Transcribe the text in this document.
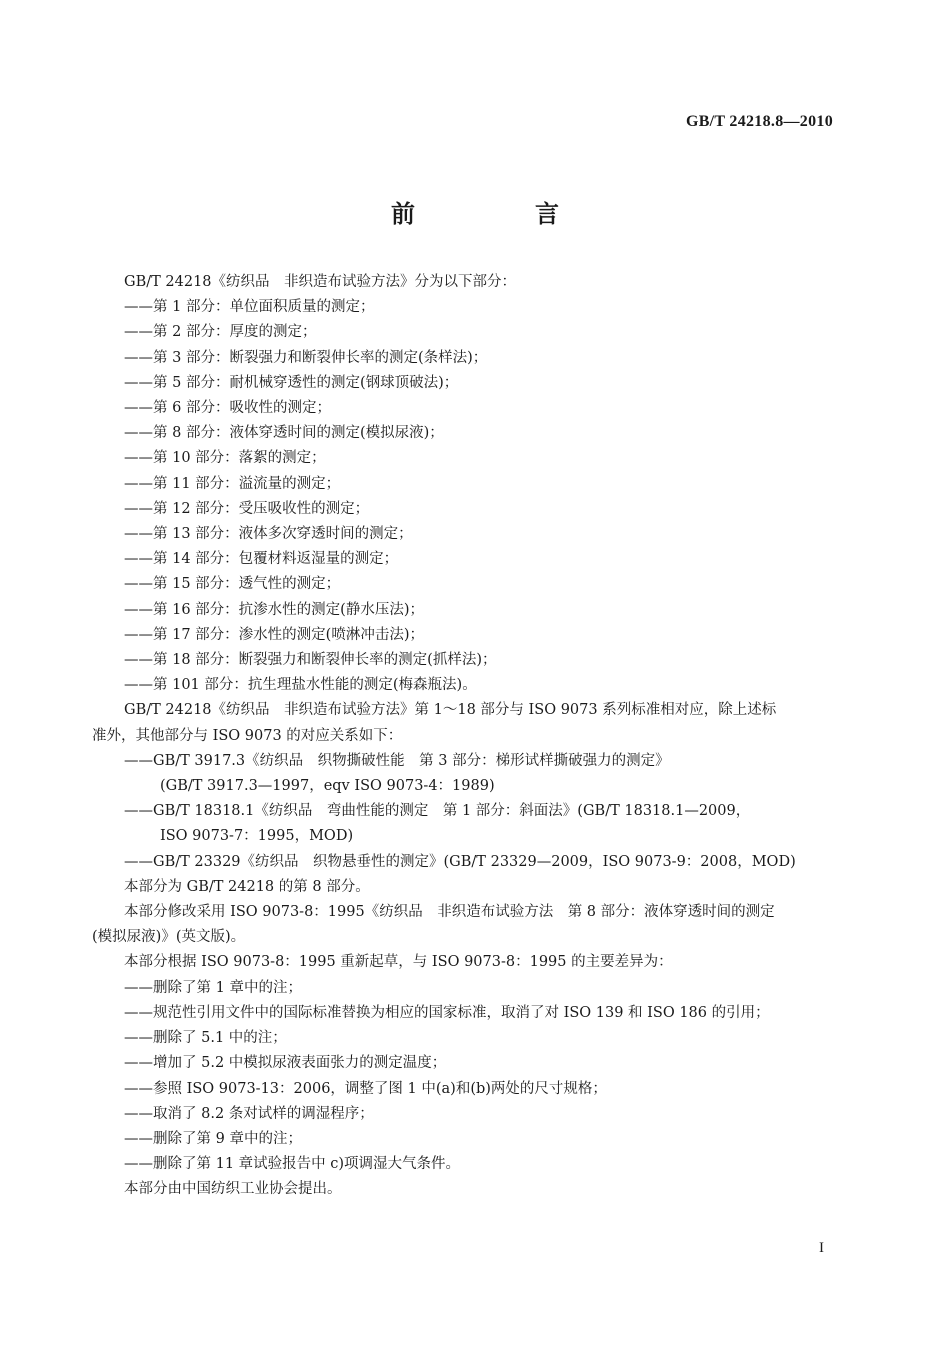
GB/T 24218.8—2010
前　言
GB/T 24218《纺织品　非织造布试验方法》分为以下部分：
——第 1 部分：单位面积质量的测定；
——第 2 部分：厚度的测定；
——第 3 部分：断裂强力和断裂伸长率的测定(条样法)；
——第 5 部分：耐机械穿透性的测定(钢球顶破法)；
——第 6 部分：吸收性的测定；
——第 8 部分：液体穿透时间的测定(模拟尿液)；
——第 10 部分：落絮的测定；
——第 11 部分：溢流量的测定；
——第 12 部分：受压吸收性的测定；
——第 13 部分：液体多次穿透时间的测定；
——第 14 部分：包覆材料返湿量的测定；
——第 15 部分：透气性的测定；
——第 16 部分：抗渗水性的测定(静水压法)；
——第 17 部分：渗水性的测定(喷淋冲击法)；
——第 18 部分：断裂强力和断裂伸长率的测定(抓样法)；
——第 101 部分：抗生理盐水性能的测定(梅森瓶法)。
GB/T 24218《纺织品　非织造布试验方法》第 1～18 部分与 ISO 9073 系列标准相对应，除上述标
准外，其他部分与 ISO 9073 的对应关系如下：
——GB/T 3917.3《纺织品　织物撕破性能　第 3 部分：梯形试样撕破强力的测定》
(GB/T 3917.3—1997，eqv ISO 9073-4：1989)
——GB/T 18318.1《纺织品　弯曲性能的测定　第 1 部分：斜面法》(GB/T 18318.1—2009，
ISO 9073-7：1995，MOD)
——GB/T 23329《纺织品　织物悬垂性的测定》(GB/T 23329—2009，ISO 9073-9：2008，MOD)
本部分为 GB/T 24218 的第 8 部分。
本部分修改采用 ISO 9073-8：1995《纺织品　非织造布试验方法　第 8 部分：液体穿透时间的测定
(模拟尿液)》(英文版)。
本部分根据 ISO 9073-8：1995 重新起草，与 ISO 9073-8：1995 的主要差异为：
——删除了第 1 章中的注；
——规范性引用文件中的国际标准替换为相应的国家标准，取消了对 ISO 139 和 ISO 186 的引用；
——删除了 5.1 中的注；
——增加了 5.2 中模拟尿液表面张力的测定温度；
——参照 ISO 9073-13：2006，调整了图 1 中(a)和(b)两处的尺寸规格；
——取消了 8.2 条对试样的调湿程序；
——删除了第 9 章中的注；
——删除了第 11 章试验报告中 c)项调湿大气条件。
本部分由中国纺织工业协会提出。
I
